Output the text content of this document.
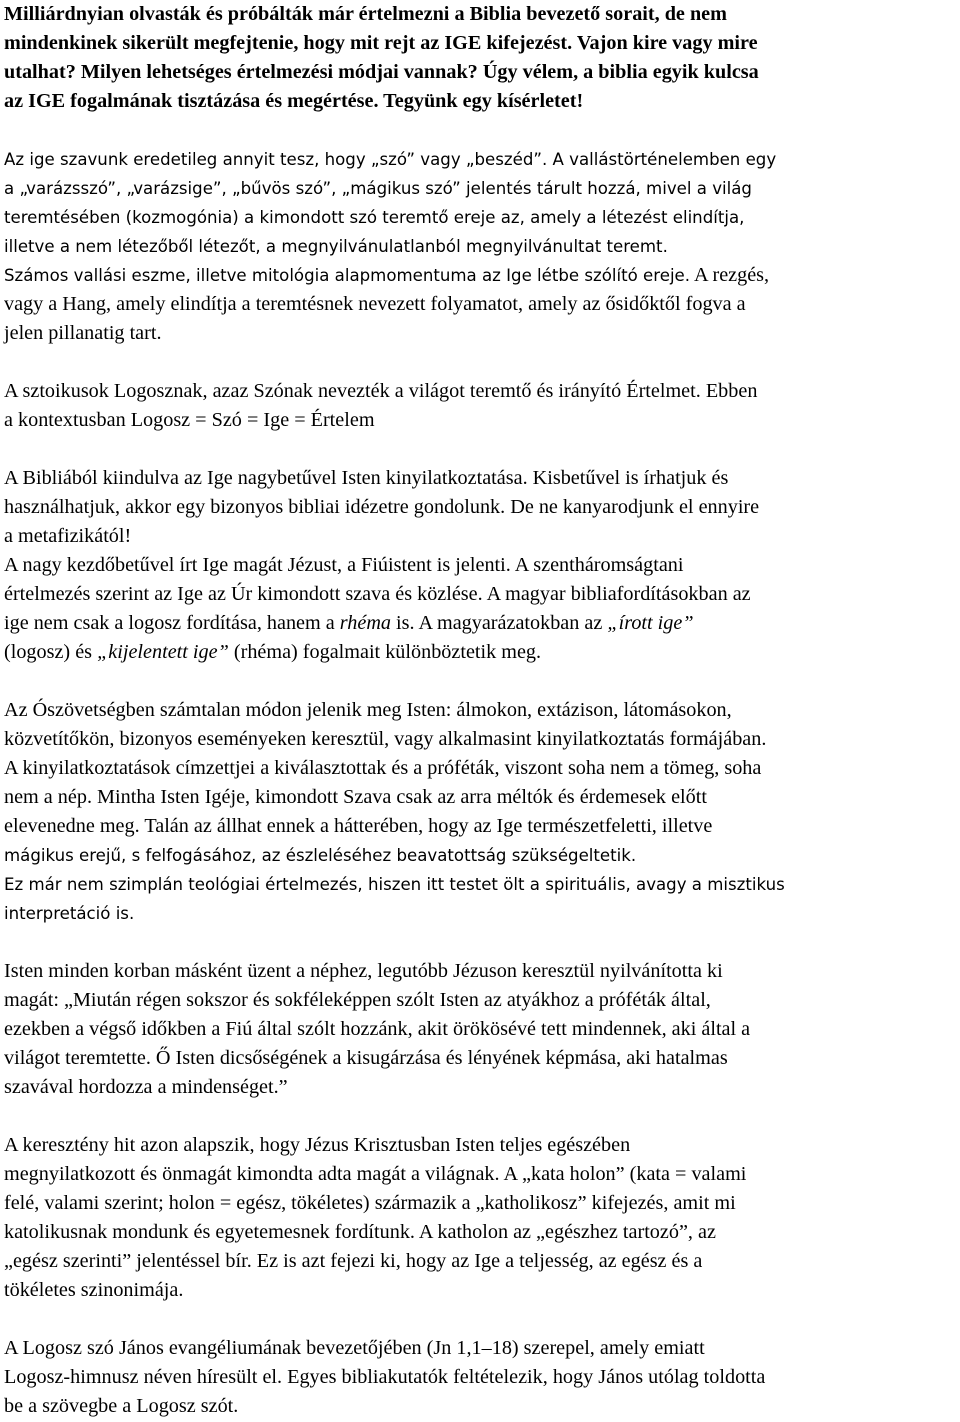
Milliárdnyian olvasták és próbálták már értelmezni a Biblia bevezető sorait, de nem
mindenkinek sikerült megfejtenie, hogy mit rejt az IGE kifejezést. Vajon kire vagy mire
utalhat? Milyen lehetséges értelmezési módjai vannak? Úgy vélem, a biblia egyik kulcsa
az IGE fogalmának tisztázása és megértése. Tegyünk egy kísérletet!
Az ige szavunk eredetileg annyit tesz, hogy „szó” vagy „beszéd”. A vallástörténelemben egy
a „varázsszó”, „varázsige”, „bűvös szó”, „mágikus szó” jelentés tárult hozzá, mivel a világ
teremtésében (kozmogónia) a kimondott szó teremtő ereje az, amely a létezést elindítja,
illetve a nem létezőből létezőt, a megnyilvánulatlanból megnyilvánultat teremt.
Számos vallási eszme, illetve mitológia alapmomentuma az Ige létbe szólító ereje. A rezgés,
vagy a Hang, amely elindítja a teremtésnek nevezett folyamatot, amely az ősidőktől fogva a
jelen pillanatig tart.
A sztoikusok Logosznak, azaz Szónak nevezték a világot teremtő és irányító Értelmet. Ebben
a kontextusban Logosz = Szó = Ige = Értelem
A Bibliából kiindulva az Ige nagybetűvel Isten kinyilatkoztatása. Kisbetűvel is írhatjuk és
használhatjuk, akkor egy bizonyos bibliai idézetre gondolunk. De ne kanyarodjunk el ennyire
a metafizikától!
A nagy kezdőbetűvel írt Ige magát Jézust, a Fiúistent is jelenti. A szentháromságtani
értelmezés szerint az Ige az Úr kimondott szava és közlése. A magyar bibliafordításokban az
ige nem csak a logosz fordítása, hanem a rhéma is. A magyarázatokban az „írott ige”
(logosz) és „kijelentett ige” (rhéma) fogalmait különböztetik meg.
Az Ószövetségben számtalan módon jelenik meg Isten: álmokon, extázison, látomásokon,
közvetítőkön, bizonyos eseményeken keresztül, vagy alkalmasint kinyilatkoztatás formájában.
A kinyilatkoztatások címzettjei a kiválasztottak és a próféták, viszont soha nem a tömeg, soha
nem a nép. Mintha Isten Igéje, kimondott Szava csak az arra méltók és érdemesek előtt
elevenedne meg. Talán az állhat ennek a hátterében, hogy az Ige természetfeletti, illetve
mágikus erejű, s felfogásához, az észleléséhez beavatottság szükségeltetik.
Ez már nem szimplán teológiai értelmezés, hiszen itt testet ölt a spirituális, avagy a misztikus
interpretáció is.
Isten minden korban másként üzent a néphez, legutóbb Jézuson keresztül nyilvánította ki
magát: „Miután régen sokszor és sokféleképpen szólt Isten az atyákhoz a próféták által,
ezekben a végső időkben a Fiú által szólt hozzánk, akit örökösévé tett mindennek, aki által a
világot teremtette. Ő Isten dicsőségének a kisugárzása és lényének képmása, aki hatalmas
szavával hordozza a mindenséget.”
A keresztény hit azon alapszik, hogy Jézus Krisztusban Isten teljes egészében
megnyilatkozott és önmagát kimondta adta magát a világnak. A „kata holon” (kata = valami
felé, valami szerint; holon = egész, tökéletes) származik a „katholikosz” kifejezés, amit mi
katolikusnak mondunk és egyetemesnek fordítunk. A katholon az „egészhez tartozó”, az
„egész szerinti” jelentéssel bír. Ez is azt fejezi ki, hogy az Ige a teljesség, az egész és a
tökéletes szinonimája.
A Logosz szó János evangéliumának bevezetőjében (Jn 1,1–18) szerepel, amely emiatt
Logosz-himnusz néven híresült el. Egyes bibliakutatók feltételezik, hogy János utólag toldotta
be a szövegbe a Logosz szót.
